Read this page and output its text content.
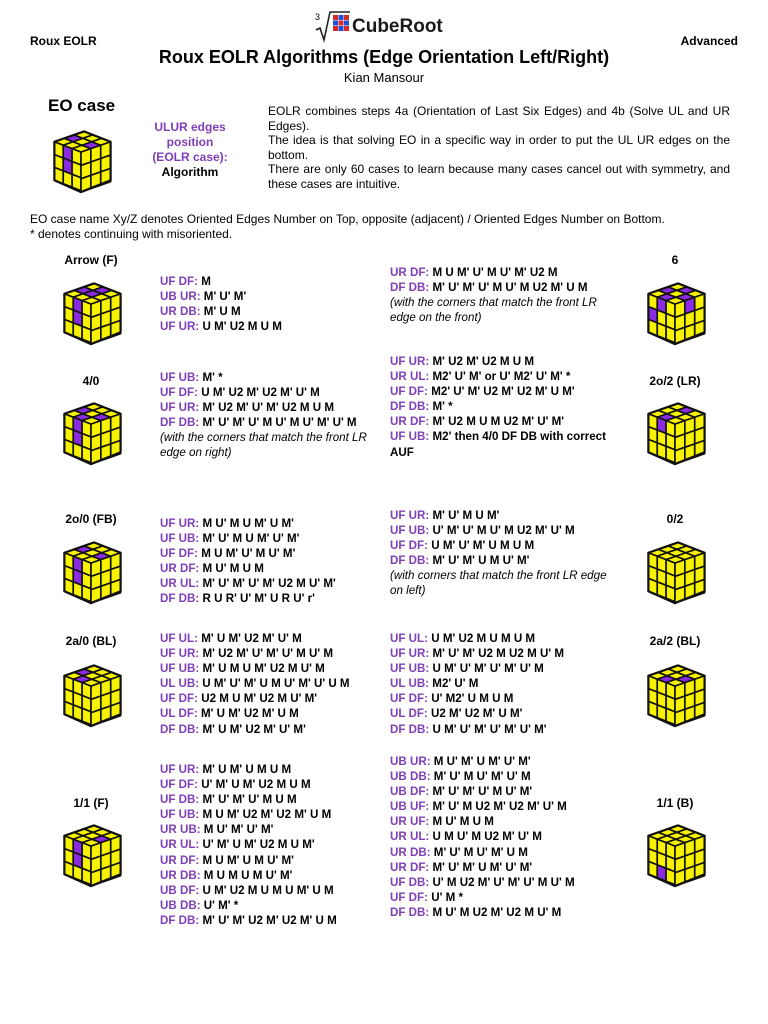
Roux EOLR	Advanced
3 CubeRoot
Roux EOLR Algorithms (Edge Orientation Left/Right)
Kian Mansour
EO case
ULUR edges
position
(EOLR case):
Algorithm

EOLR combines steps 4a (Orientation of Last Six Edges) and 4b (Solve UL and UR Edges).

The idea is that solving EO in a specific way in order to put the UL UR edges on the bottom.

There are only 60 cases to learn because many cases cancel out with symmetry, and these cases are intuitive.

EO case name Xy/Z denotes Oriented Edges Number on Top, opposite (adjacent) / Oriented Edges Number on Bottom.

* denotes continuing with misoriented.

Arrow (F)
UF DF: M
UB UR: M' U' M'
UR DB: M' U M
UF UR: U M' U2 M U M
6
UR DF: M U M' U' M U' M' U2 M
DF DB: M' U' M' U' M U' M U2 M' U M
(with the corners that match the front LR edge on the front)
4/0	UF UB: M' *
UF DF: U M' U2 M' U2 M' U' M
UF UR: M' U2 M' U' M' U2 M U M
DF DB: M' U' M' U' M U' M U' M' U' M
(with the corners that match the front LR edge on right)
2o/2 (LR)
UF UR: M' U2 M' U2 M U M
UR UL: M2' U' M' or U' M2' U' M' *
UF DF: M2' U' M' U2 M' U2 M' U M'
DF DB: M' *
UR DF: M' U2 M U M U2 M' U' M'
UF UB: M2' then 4/0 DF DB with correct AUF
2o/0 (FB)	UF UR: M U' M U M' U M'
UF UB: M' U' M U M' U' M'
UF DF: M U M' U' M U' M'
UR DF: M U' M U M
UR UL: M' U' M' U' M' U2 M U' M'
DF DB: R U R' U' M' U R U' r'
0/2
UF UR: M' U' M U M'
UF UB: U' M' U' M U' M U2 M' U' M
UF DF: U M' U' M' U M U M
DF DB: M' U' M' U M U' M'
(with corners that match the front LR edge on left)
2a/0 (BL)	UF UL: M' U M' U2 M' U' M
UF UR: M' U2 M' U' M' U' M U' M
UF UB: M' U M U M' U2 M U' M
UL UB: U M' U' M' U M U' M' U' U M
UF DF: U2 M U M' U2 M U' M'
UL DF: M' U M' U2 M' U M
DF DB: M' U M' U2 M' U' M'
2a/2 (BL)
UF UL: U M' U2 M U M U M
UF UR: M' U' M' U2 M U2 M U' M
UF UB: U M' U' M' U' M' U' M
UL UB: M2' U' M
UF DF: U' M2' U M U M
UL DF: U2 M' U2 M' U M'
DF DB: U M' U' M' U' M' U' M'
1/1 (F)
UF UR: M' U M' U M U M
UF DF: U' M' U M' U2 M U M
UF DB: M' U' M' U' M U M
UF UB: M U M' U2 M' U2 M' U M
UR UB: M U' M' U' M'
UR UL: U' M' U M' U2 M U M'
UR DF: M U M' U M U' M'
UR DB: M U M U M U' M'
UB DF: U M' U2 M U M U M' U M
UB DB: U' M' *
DF DB: M' U' M' U2 M' U2 M' U M
1/1 (B)
UB UR: M U' M' U M' U' M'
UB DB: M' U' M U' M' U' M
UB DF: M' U' M' U' M U' M'
UB UF: M' U' M U2 M' U2 M' U' M
UR UF: M U' M U M
UR UL: U M U' M U2 M' U' M
UR DB: M' U' M U' M' U M
UR DF: M' U' M' U M' U' M'
UF DB: U' M U2 M' U' M' U' M U' M
UF DF: U' M *
DF DB: M U' M U2 M' U2 M U' M
